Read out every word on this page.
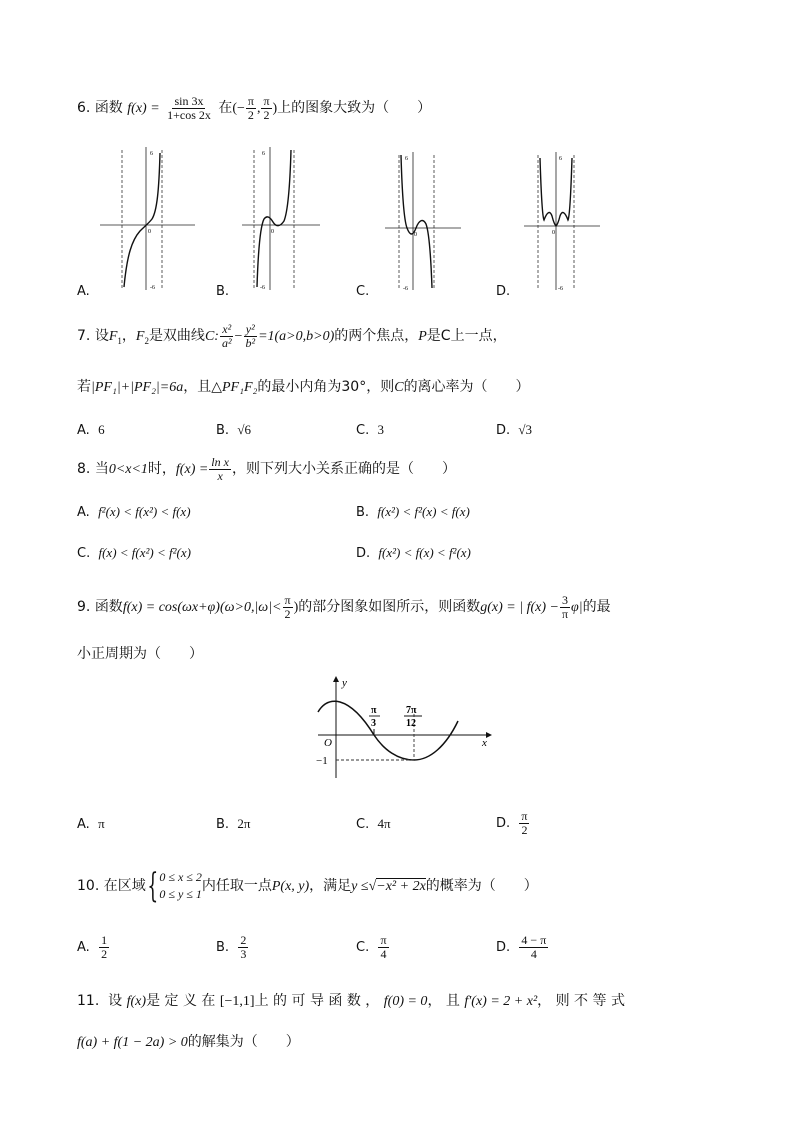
6. 函数 $f(x) = \frac{\sin 3x}{1+\cos 2x}$ 在(− $\frac{\pi}{2}$ , $\frac{\pi}{2}$ )上的图象大致为（　　）
6
-6
0
A.
6
-6
0
B.
6
-6
0
C.
6
-6
0
D.
7. 设$F_1$，$F_2$是双曲线C: $\frac{\text{x²}}{\text{a²}} - \frac{\text{y²}}{\text{b²}} =1(a>0,b>0)$的两个焦点，P是C上一点，
若|PF₁|+|PF₂|=6a，且△PF₁F₂的最小内角为30°，则C的离心率为（　　）
A. 6	B. √6	C. 3	D. √3
8. 当0<x<1时，$f(x) = \frac{\text{ln x}}{x}$ ，则下列大小关系正确的是（　　）
A. f²(x) < f(x²) < f(x)	B. f(x²) < f²(x) < f(x)
C. f(x) < f(x²) < f²(x)	D. f(x²) < f(x) < f²(x)
9. 函数$f(x) = \cos(\omega x+\varphi)(\omega>0,|\omega|< \frac{\pi}{2}$ )的部分图象如图所示，则函数g(x) = | $f(x) - \frac{3}{\pi} \varphi|$的最
小正周期为（　　）
y
x
O
−1
π
3
7π
12
A. π	B. 2π	C. 4π	D. $\frac{\pi}{2}$
10. 在区域 { 0 ≤ x ≤ 2
0 ≤ y ≤ 1 内任取一点P(x, y)，满足y ≤√−x² + 2x的概率为（　　）
A. $\frac{1}{2}$	B. $\frac{2}{3}$	C. $\frac{\pi}{4}$	D. $\frac{4 - \pi}{4}$
11. 设 f(x)是 定 义 在 [−1,1]上 的 可 导 函 数 ， f(0) = 0， 且 f′(x) = 2 + x²， 则 不 等 式
f(a) + f(1 − 2a) > 0的解集为（　　）
